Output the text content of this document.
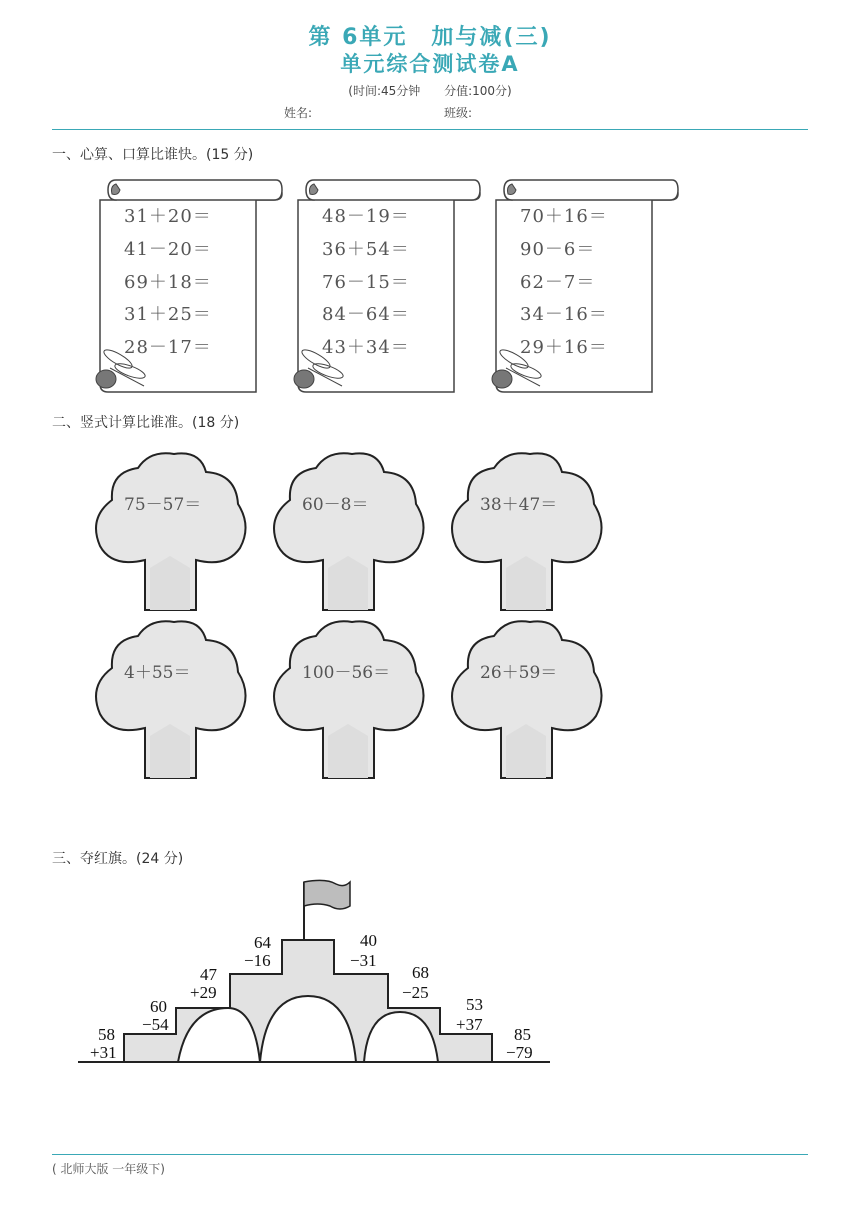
第 6单元　加与减(三)
单元综合测试卷A
(时间:45分钟 分值:100分)
姓名:	班级:
一、心算、口算比谁快。(15 分)
31＋20＝
41－20＝
69＋18＝
31＋25＝
28－17＝
48－19＝
36＋54＝
76－15＝
84－64＝
43＋34＝
70＋16＝
90－6＝
62－7＝
34－16＝
29＋16＝
二、竖式计算比谁准。(18 分)
75－57＝	60－8＝	38＋47＝
4＋55＝	100－56＝	26＋59＝
三、夺红旗。(24 分)
58
+31
60
−54
47
+29
64
−16
40
−31
68
−25
53
+37
85
−79
( 北师大版 一年级下)
